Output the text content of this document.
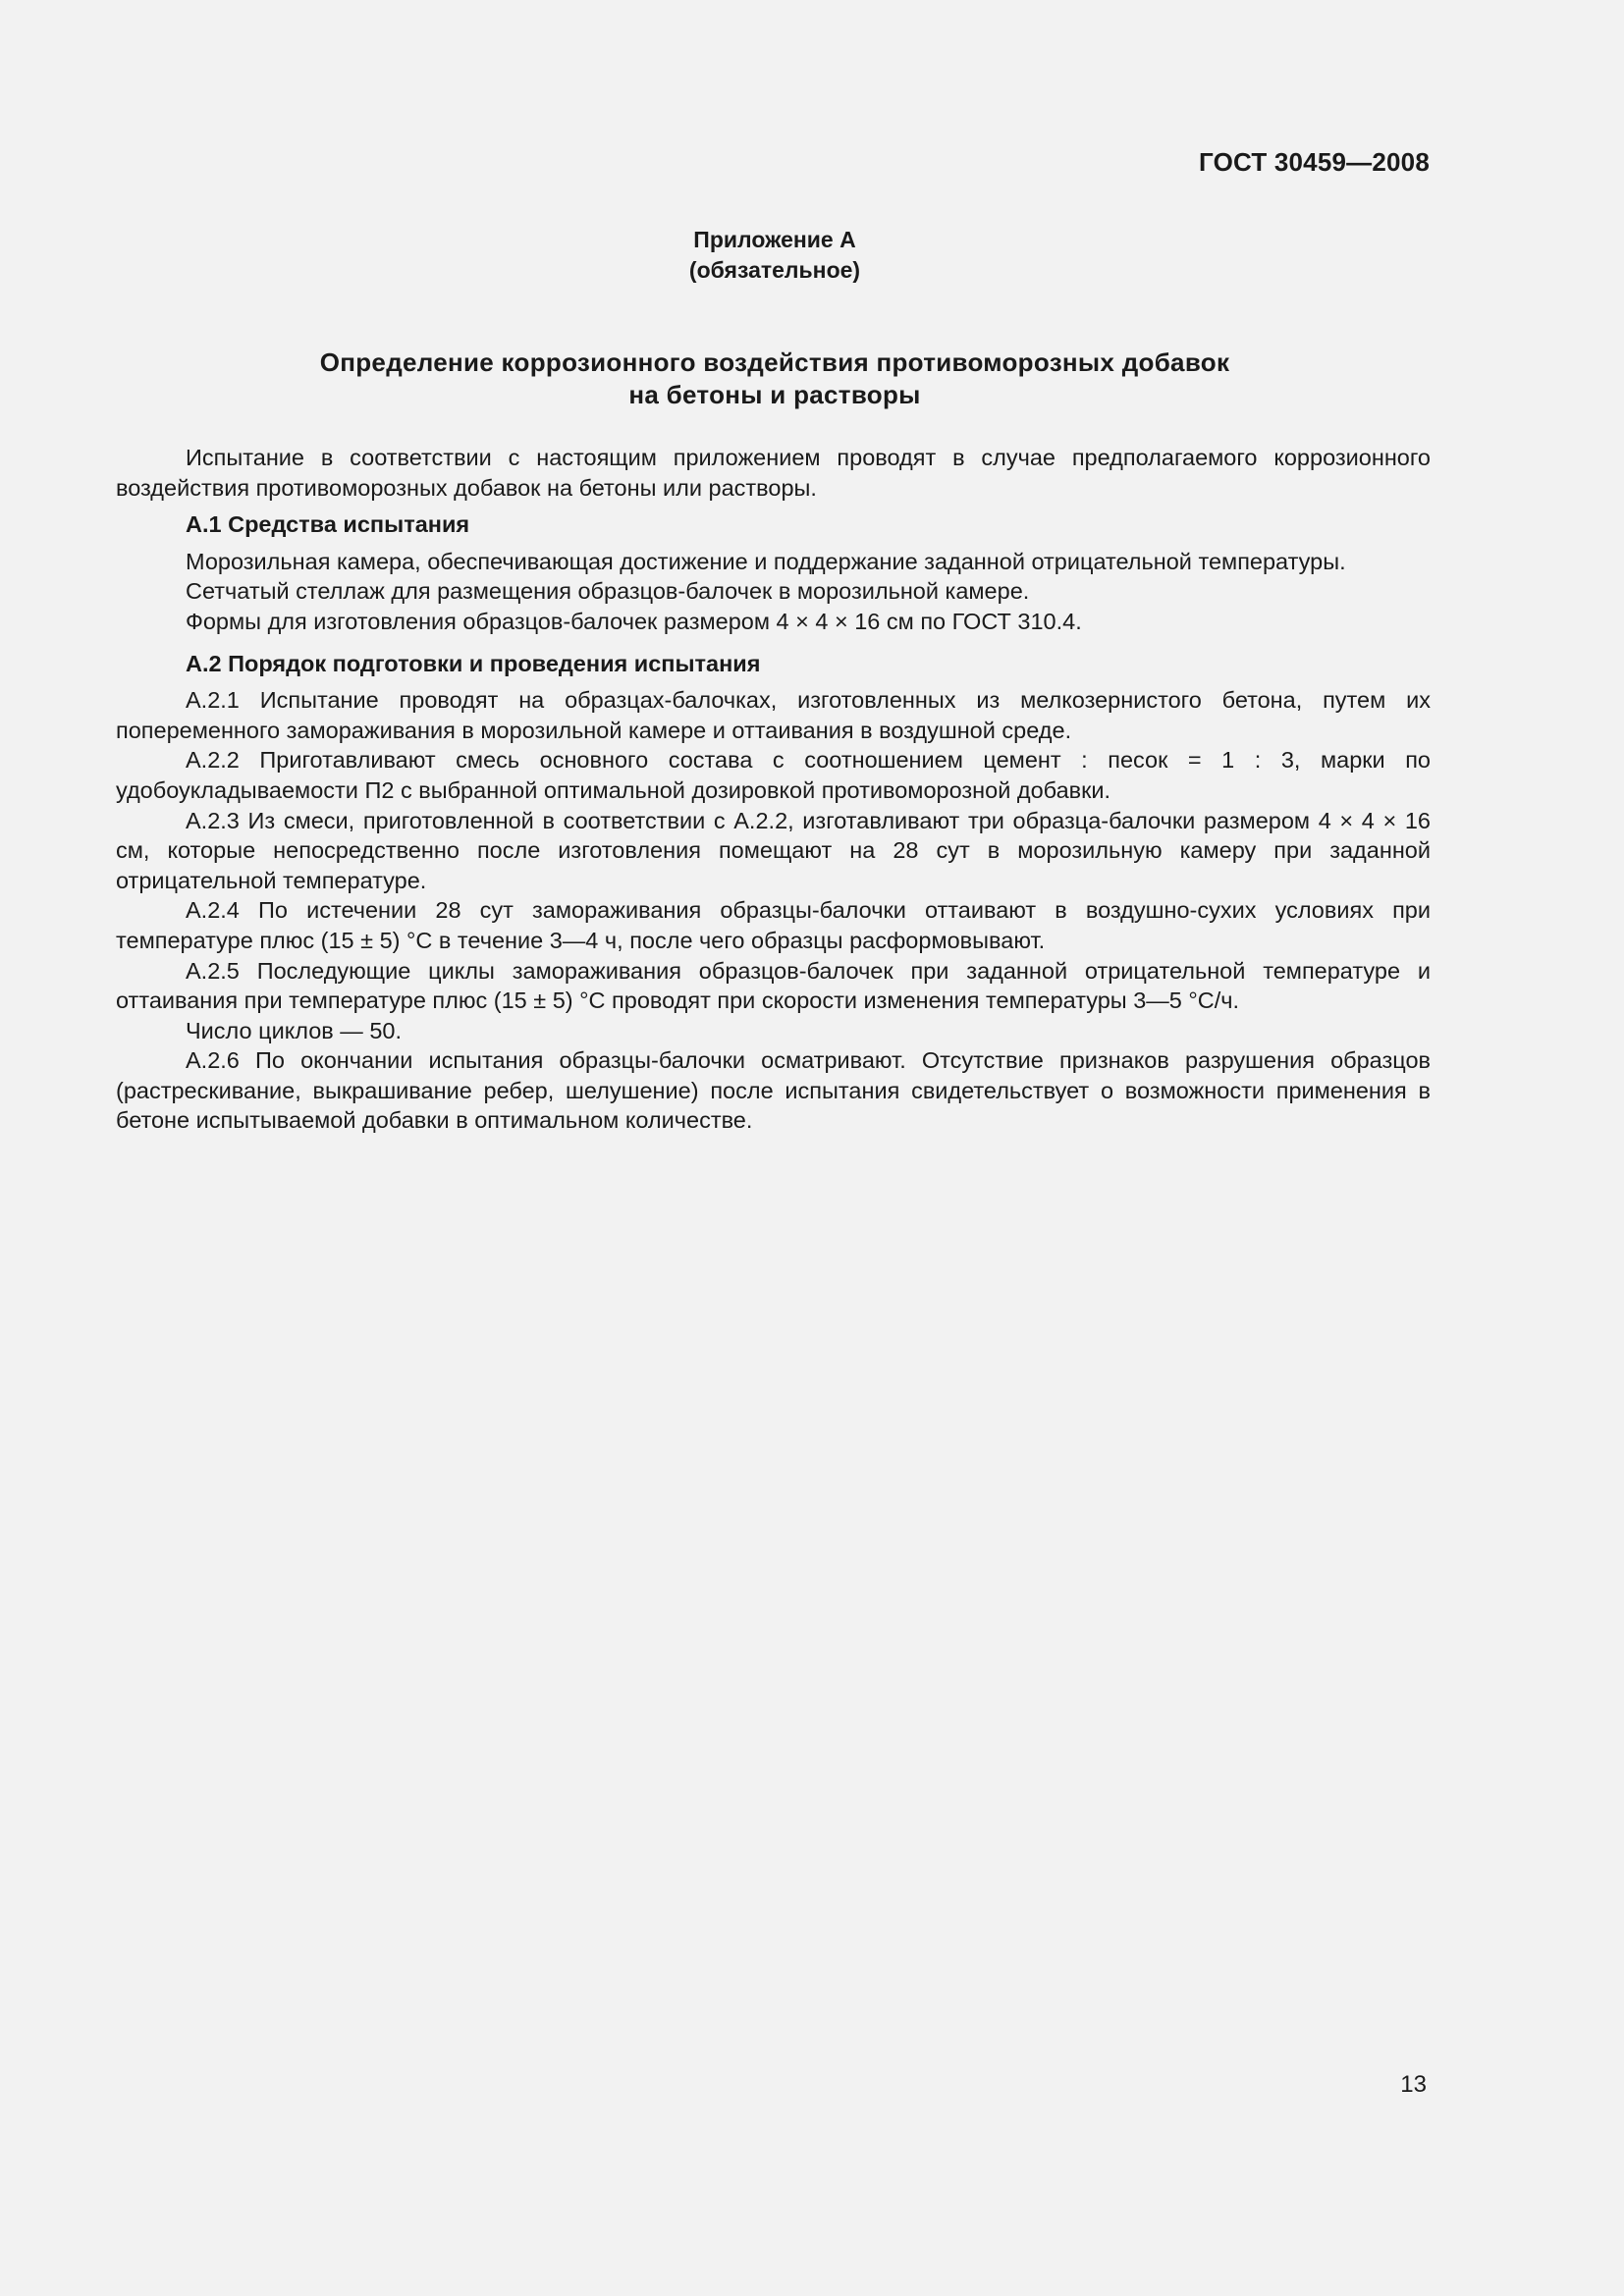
ГОСТ 30459—2008
Приложение А
(обязательное)
Определение коррозионного воздействия противоморозных добавок
на бетоны и растворы

Испытание в соответствии с настоящим приложением проводят в случае предполагаемого коррозионного воздействия противоморозных добавок на бетоны или растворы.

А.1 Средства испытания

Морозильная камера, обеспечивающая достижение и поддержание заданной отрицательной температуры.

Сетчатый стеллаж для размещения образцов-балочек в морозильной камере.

Формы для изготовления образцов-балочек размером 4 × 4 × 16 см по ГОСТ 310.4.

А.2 Порядок подготовки и проведения испытания

А.2.1 Испытание проводят на образцах-балочках, изготовленных из мелкозернистого бетона, путем их попеременного замораживания в морозильной камере и оттаивания в воздушной среде.

А.2.2 Приготавливают смесь основного состава с соотношением цемент : песок = 1 : 3, марки по удобоукладываемости П2 с выбранной оптимальной дозировкой противоморозной добавки.

А.2.3 Из смеси, приготовленной в соответствии с А.2.2, изготавливают три образца-балочки размером 4 × 4 × 16 см, которые непосредственно после изготовления помещают на 28 сут в морозильную камеру при заданной отрицательной температуре.

А.2.4 По истечении 28 сут замораживания образцы-балочки оттаивают в воздушно-сухих условиях при температуре плюс (15 ± 5) °С в течение 3—4 ч, после чего образцы расформовывают.

А.2.5 Последующие циклы замораживания образцов-балочек при заданной отрицательной температуре и оттаивания при температуре плюс (15 ± 5) °С проводят при скорости изменения температуры 3—5 °С/ч.

Число циклов — 50.

А.2.6 По окончании испытания образцы-балочки осматривают. Отсутствие признаков разрушения образцов (растрескивание, выкрашивание ребер, шелушение) после испытания свидетельствует о возможности применения в бетоне испытываемой добавки в оптимальном количестве.

13
